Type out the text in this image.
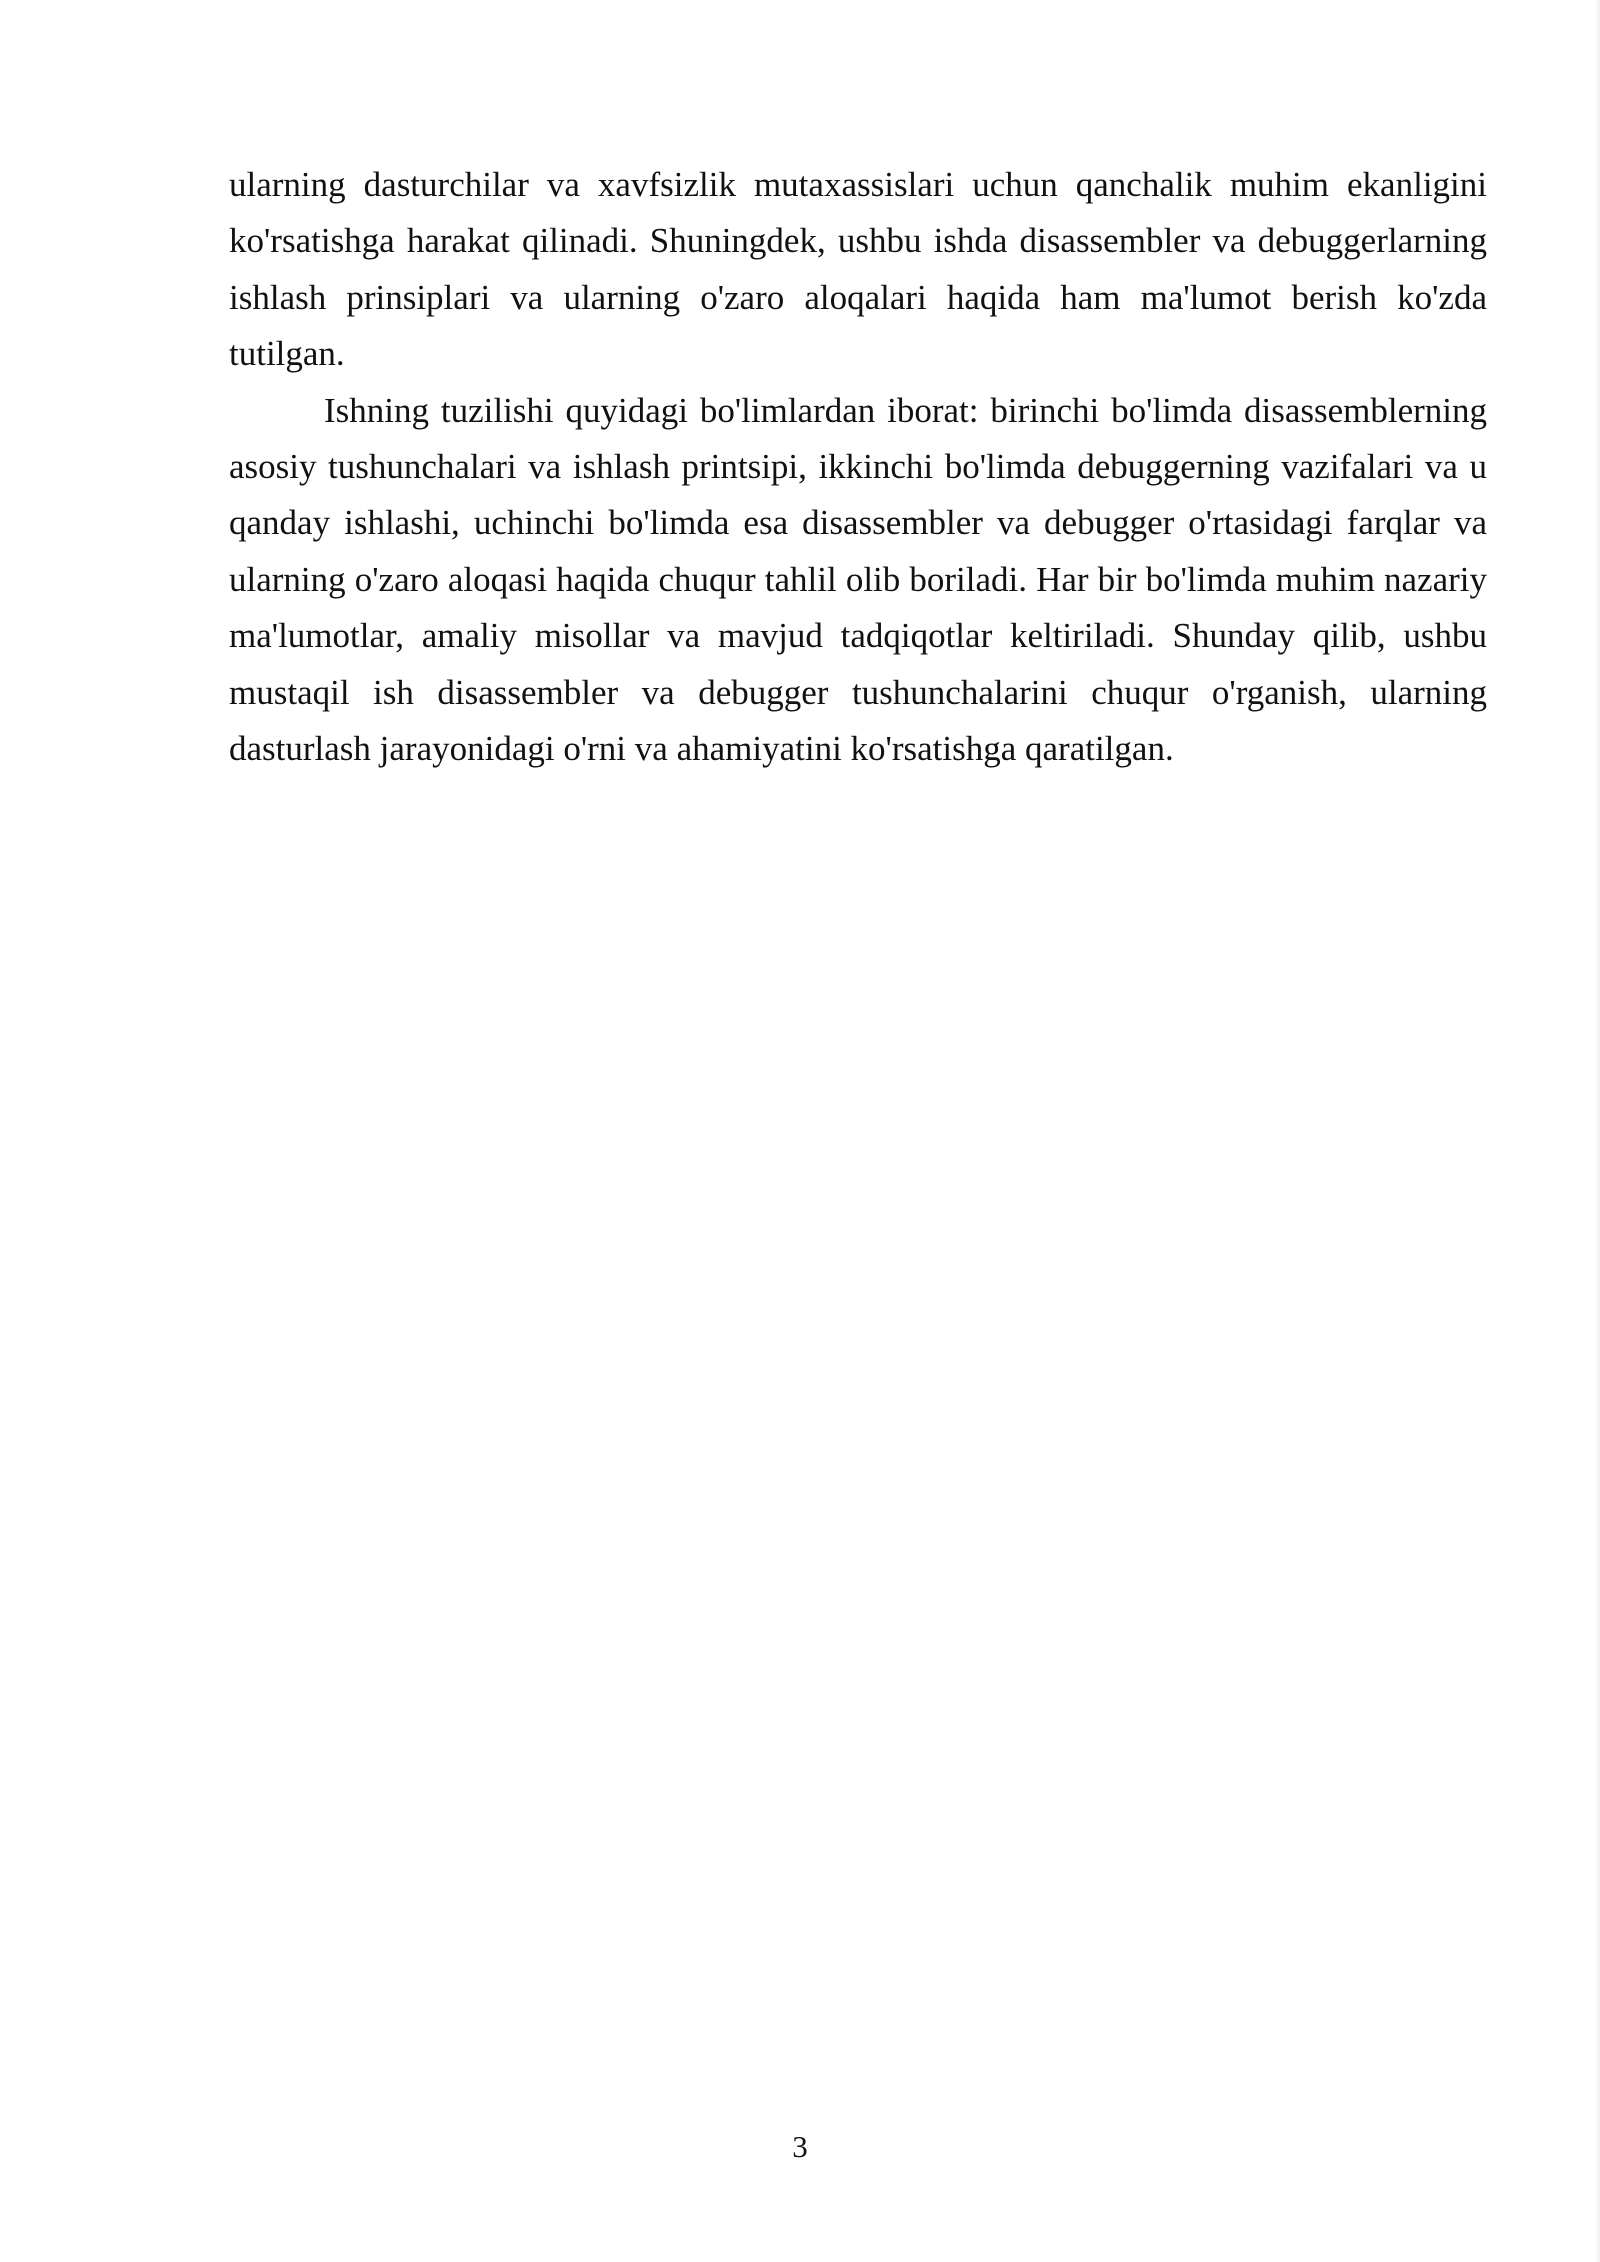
ularning dasturchilar va xavfsizlik mutaxassislari uchun qanchalik muhim ekanligini ko'rsatishga harakat qilinadi. Shuningdek, ushbu ishda disassembler va debuggerlarning ishlash prinsiplari va ularning o'zaro aloqalari haqida ham ma'lumot berish ko'zda tutilgan.

Ishning tuzilishi quyidagi bo'limlardan iborat: birinchi bo'limda disassemblerning asosiy tushunchalari va ishlash printsipi, ikkinchi bo'limda debuggerning vazifalari va u qanday ishlashi, uchinchi bo'limda esa disassembler va debugger o'rtasidagi farqlar va ularning o'zaro aloqasi haqida chuqur tahlil olib boriladi. Har bir bo'limda muhim nazariy ma'lumotlar, amaliy misollar va mavjud tadqiqotlar keltiriladi. Shunday qilib, ushbu mustaqil ish disassembler va debugger tushunchalarini chuqur o'rganish, ularning dasturlash jarayonidagi o'rni va ahamiyatini ko'rsatishga qaratilgan.

3
